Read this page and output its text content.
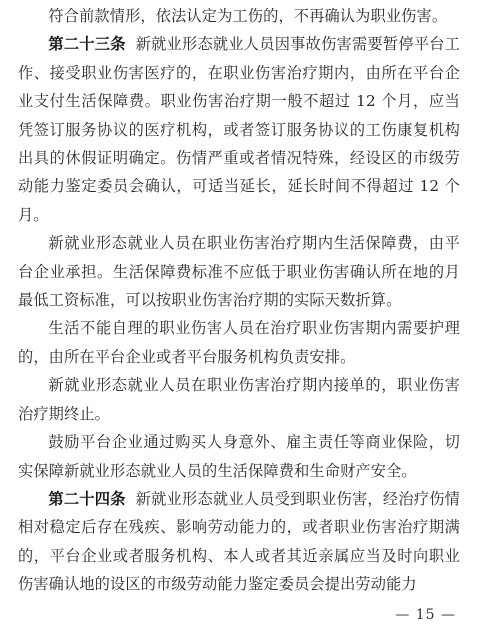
符合前款情形，依法认定为工伤的，不再确认为职业伤害。

第二十三条 新就业形态就业人员因事故伤害需要暂停平台工作、接受职业伤害医疗的，在职业伤害治疗期内，由所在平台企业支付生活保障费。职业伤害治疗期一般不超过 12 个月，应当凭签订服务协议的医疗机构，或者签订服务协议的工伤康复机构出具的休假证明确定。伤情严重或者情况特殊，经设区的市级劳动能力鉴定委员会确认，可适当延长，延长时间不得超过 12 个月。

新就业形态就业人员在职业伤害治疗期内生活保障费，由平台企业承担。生活保障费标准不应低于职业伤害确认所在地的月最低工资标准，可以按职业伤害治疗期的实际天数折算。

生活不能自理的职业伤害人员在治疗职业伤害期内需要护理的，由所在平台企业或者平台服务机构负责安排。

新就业形态就业人员在职业伤害治疗期内接单的，职业伤害治疗期终止。

鼓励平台企业通过购买人身意外、雇主责任等商业保险，切实保障新就业形态就业人员的生活保障费和生命财产安全。

第二十四条 新就业形态就业人员受到职业伤害，经治疗伤情相对稳定后存在残疾、影响劳动能力的，或者职业伤害治疗期满的，平台企业或者服务机构、本人或者其近亲属应当及时向职业伤害确认地的设区的市级劳动能力鉴定委员会提出劳动能力

— 15 —
